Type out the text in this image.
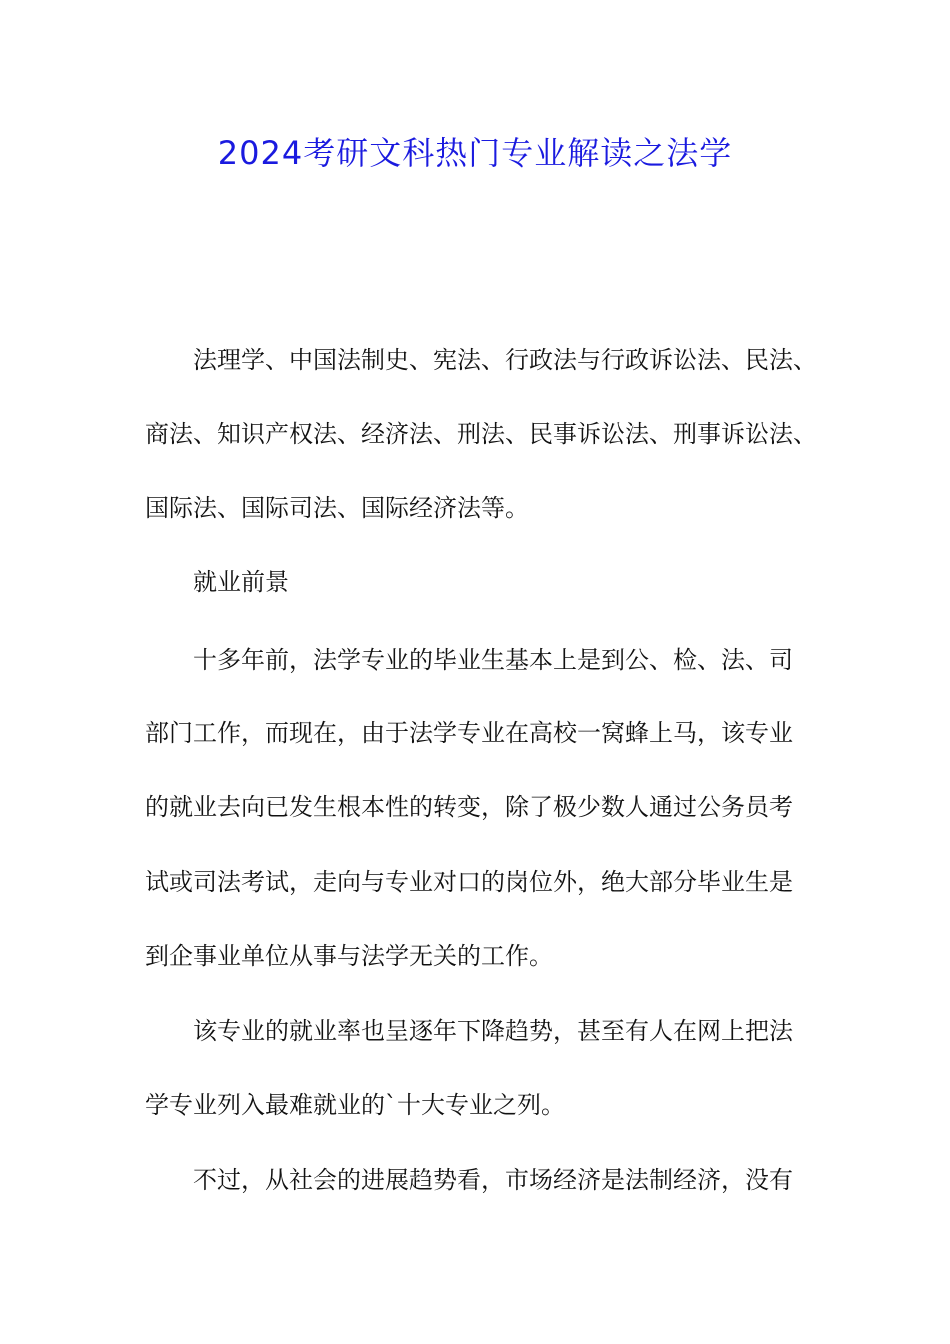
2024考研文科热门专业解读之法学
法理学、中国法制史、宪法、行政法与行政诉讼法、民法、
商法、知识产权法、经济法、刑法、民事诉讼法、刑事诉讼法、
国际法、国际司法、国际经济法等。
就业前景
十多年前，法学专业的毕业生基本上是到公、检、法、司
部门工作，而现在，由于法学专业在高校一窝蜂上马，该专业
的就业去向已发生根本性的转变，除了极少数人通过公务员考
试或司法考试，走向与专业对口的岗位外，绝大部分毕业生是
到企事业单位从事与法学无关的工作。
该专业的就业率也呈逐年下降趋势，甚至有人在网上把法
学专业列入最难就业的`十大专业之列。
不过，从社会的进展趋势看，市场经济是法制经济，没有
